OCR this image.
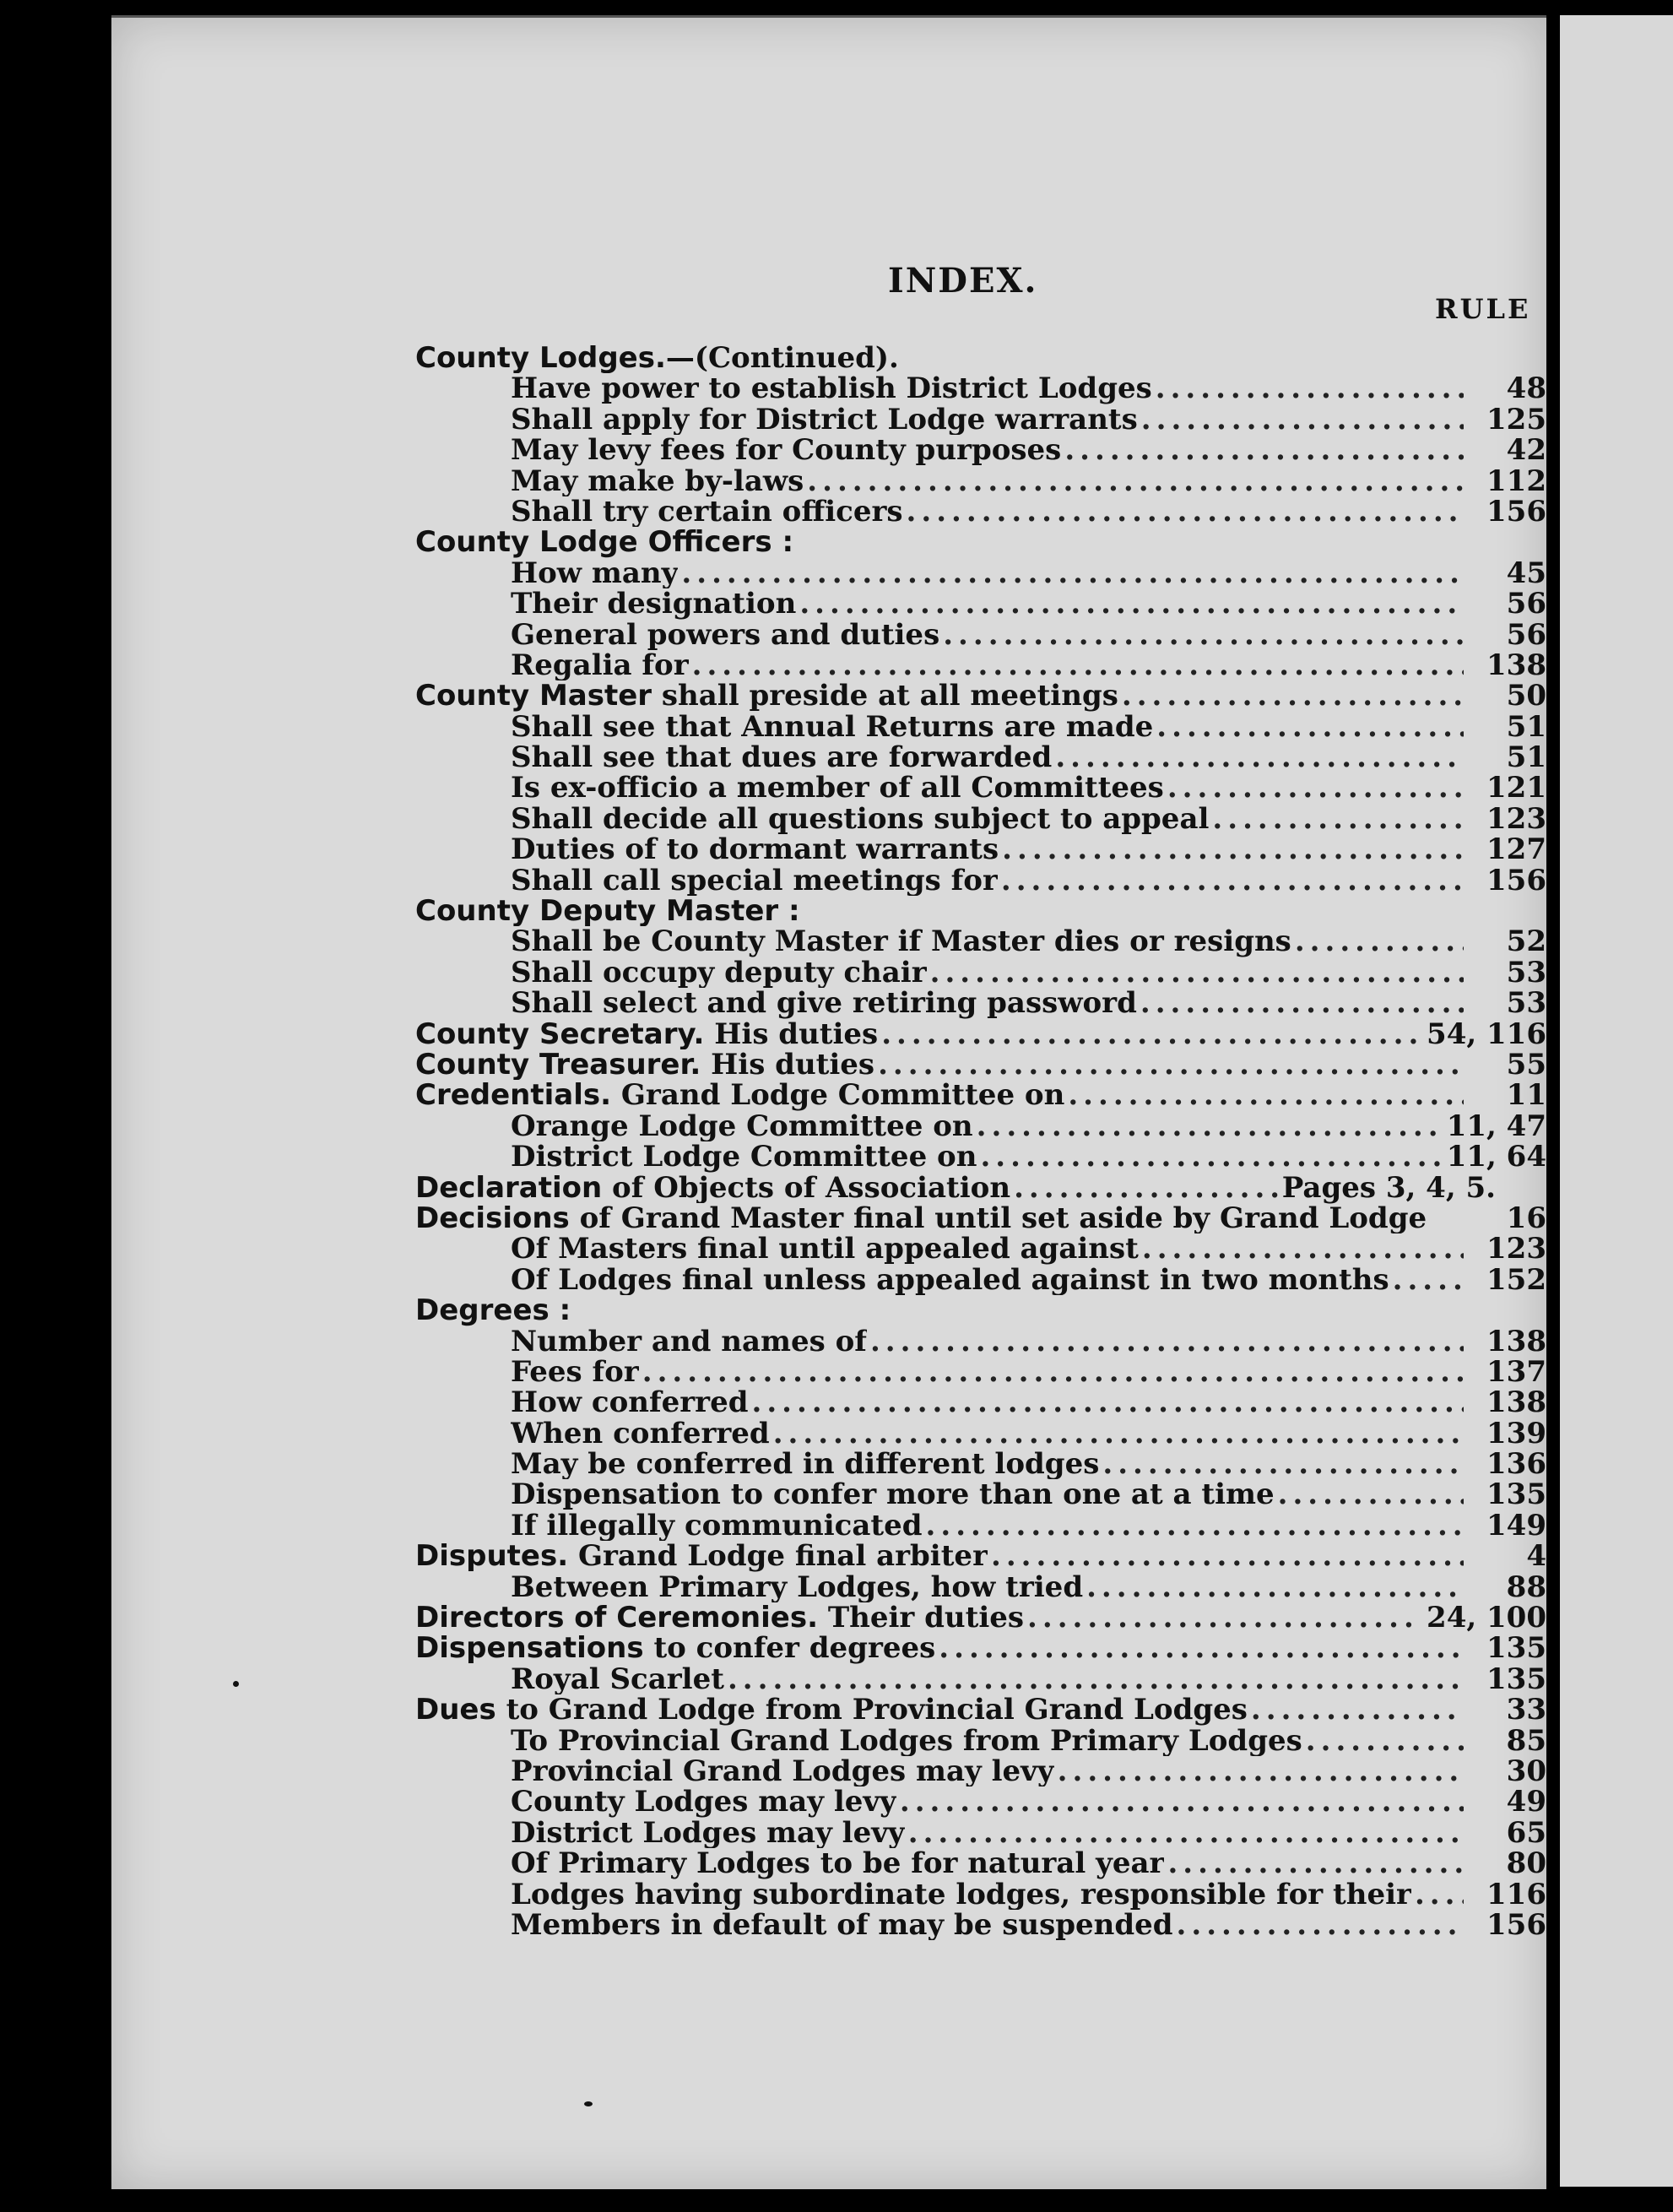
INDEX.
RULE
County Lodges.—(Continued).
Have power to establish District Lodges .....	48
Shall apply for District Lodge warrants .....	125
May levy fees for County purposes .....	42
May make by-laws .....	112
Shall try certain officers .....	156
County Lodge Officers :
How many .....	45
Their designation .....	56
General powers and duties .....	56
Regalia for .....	138
County Master shall preside at all meetings .....	50
Shall see that Annual Returns are made .....	51
Shall see that dues are forwarded .....	51
Is ex-officio a member of all Committees .....	121
Shall decide all questions subject to appeal .....	123
Duties of to dormant warrants .....	127
Shall call special meetings for .....	156
County Deputy Master :
Shall be County Master if Master dies or resigns .....	52
Shall occupy deputy chair .....	53
Shall select and give retiring password .....	53
County Secretary. His duties .....	54, 116
County Treasurer. His duties .....	55
Credentials. Grand Lodge Committee on .....	11
Orange Lodge Committee on .....	11, 47
District Lodge Committee on .....	11, 64
Declaration of Objects of Association .....	Pages 3, 4, 5.
Decisions of Grand Master final until set aside by Grand Lodge	16
Of Masters final until appealed against .....	123
Of Lodges final unless appealed against in two months .....	152
Degrees :
Number and names of .....	138
Fees for .....	137
How conferred .....	138
When conferred .....	139
May be conferred in different lodges .....	136
Dispensation to confer more than one at a time .....	135
If illegally communicated .....	149
Disputes. Grand Lodge final arbiter .....	4
Between Primary Lodges, how tried .....	88
Directors of Ceremonies. Their duties .....	24, 100
Dispensations to confer degrees .....	135
Royal Scarlet .....	135
Dues to Grand Lodge from Provincial Grand Lodges .....	33
To Provincial Grand Lodges from Primary Lodges .....	85
Provincial Grand Lodges may levy .....	30
County Lodges may levy .....	49
District Lodges may levy .....	65
Of Primary Lodges to be for natural year .....	80
Lodges having subordinate lodges, responsible for their .....	116
Members in default of may be suspended .....	156
